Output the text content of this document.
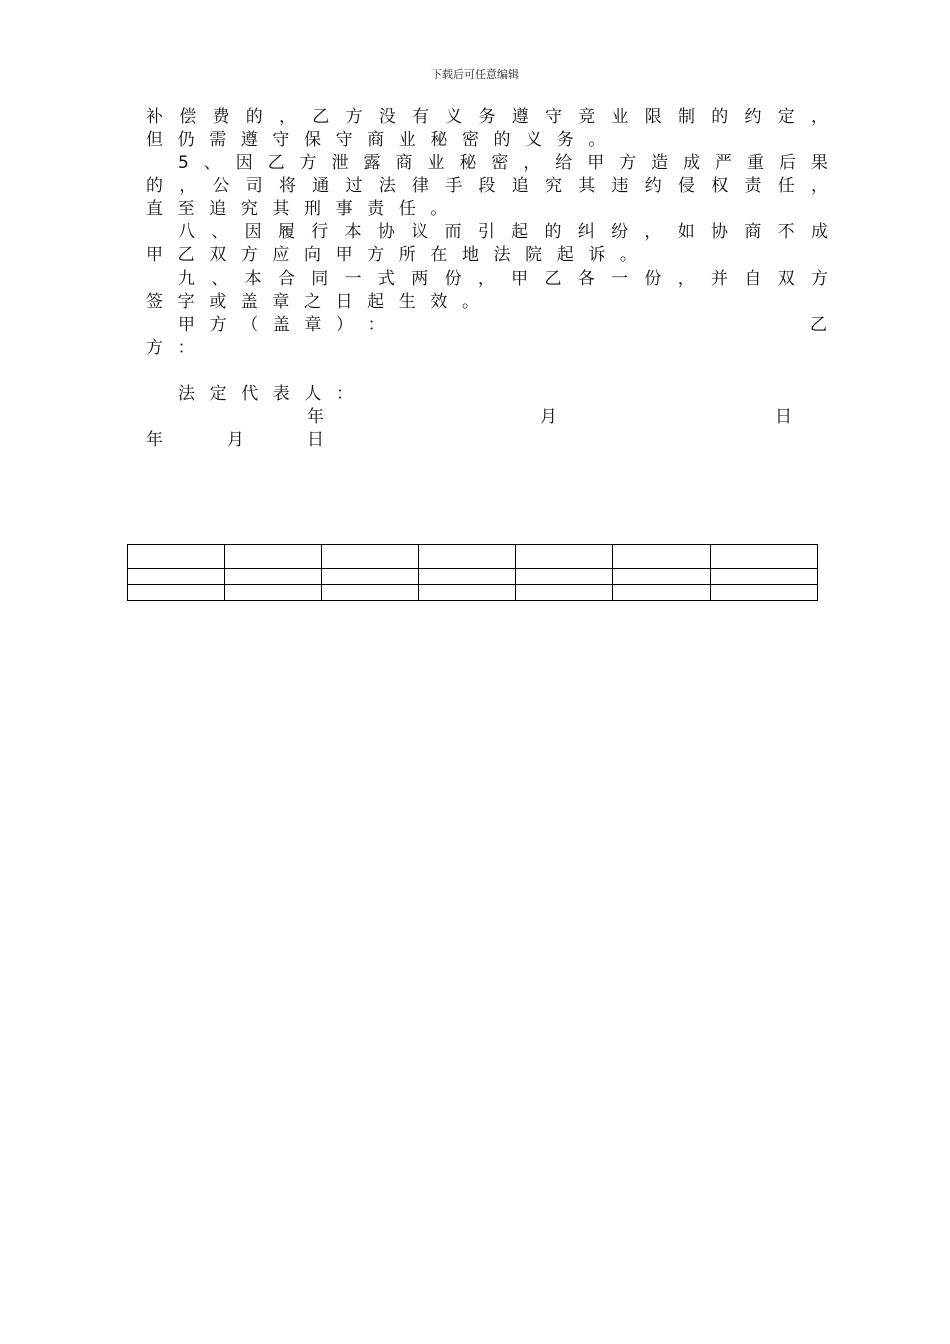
下载后可任意编辑
补 偿 费 的 ， 乙 方 没 有 义 务 遵 守 竞 业 限 制 的 约 定 ，
但 仍 需 遵 守 保 守 商 业 秘 密 的 义 务 。
5 、 因 乙 方 泄 露 商 业 秘 密 ， 给 甲 方 造 成 严 重 后 果
的 ， 公 司 将 通 过 法 律 手 段 追 究 其 违 约 侵 权 责 任 ，
直 至 追 究 其 刑 事 责 任 。
八 、 因 履 行 本 协 议 而 引 起 的 纠 纷 ， 如 协 商 不 成
甲 乙 双 方 应 向 甲 方 所 在 地 法 院 起 诉 。
九 、 本 合 同 一 式 两 份 ， 甲 乙 各 一 份 ， 并 自 双 方
签 字 或 盖 章 之 日 起 生 效 。
甲 方 （ 盖 章 ） ：	乙
方 ：
法 定 代 表 人 ：
年	月	日
年	月	日
